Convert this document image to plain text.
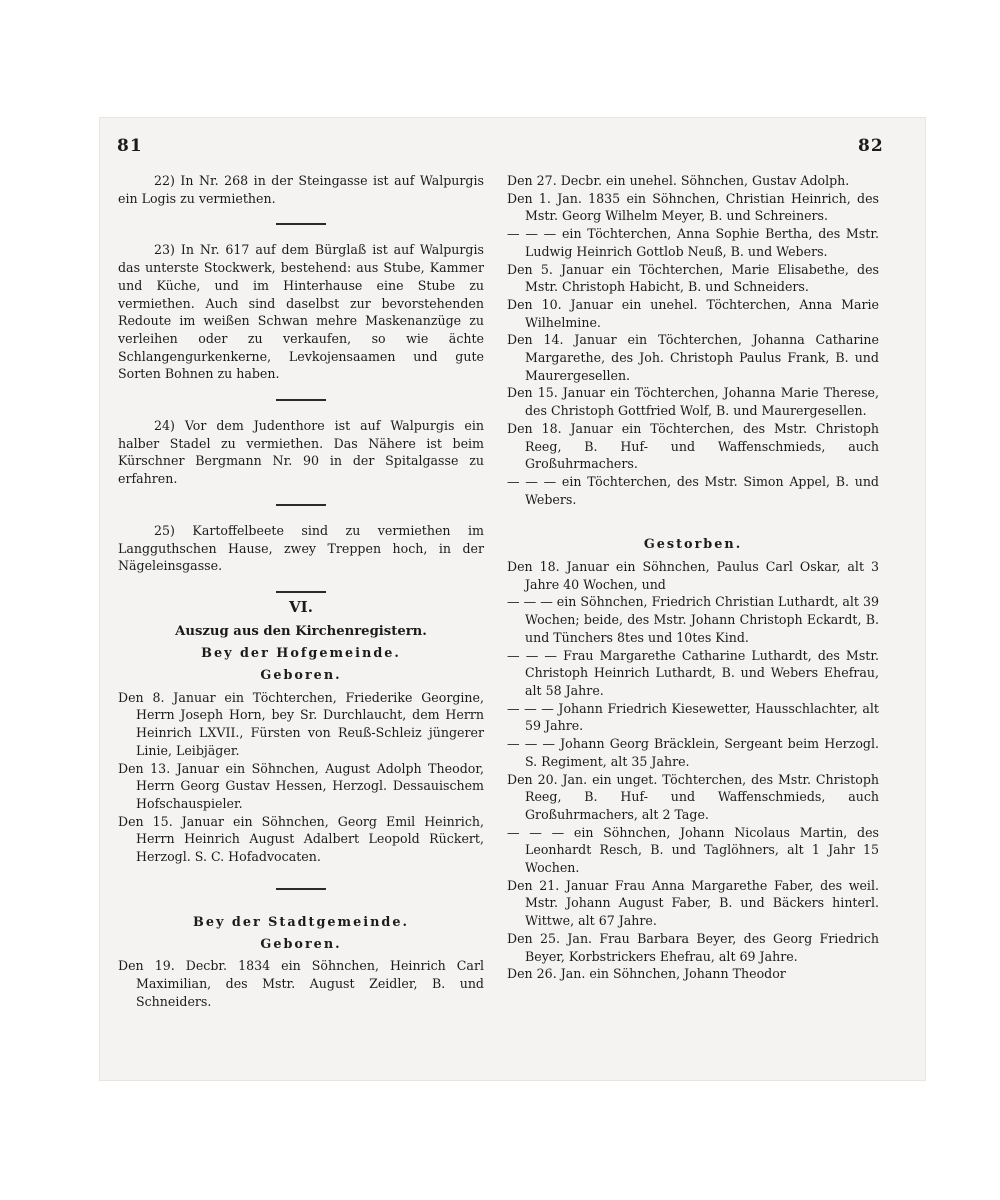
81	82

22) In Nr. 268 in der Steingasse ist auf Walpurgis ein Logis zu vermiethen.

23) In Nr. 617 auf dem Bürglaß ist auf Walpurgis das unterste Stockwerk, bestehend: aus Stube, Kammer und Küche, und im Hinterhause eine Stube zu vermiethen. Auch sind daselbst zur bevorstehenden Redoute im weißen Schwan mehre Maskenanzüge zu verleihen oder zu verkaufen, so wie ächte Schlangengurkenkerne, Levkojensaamen und gute Sorten Bohnen zu haben.

24) Vor dem Judenthore ist auf Walpurgis ein halber Stadel zu vermiethen. Das Nähere ist beim Kürschner Bergmann Nr. 90 in der Spitalgasse zu erfahren.

25) Kartoffelbeete sind zu vermiethen im Langguthschen Hause, zwey Treppen hoch, in der Nägeleinsgasse.

VI.

Auszug aus den Kirchenregistern.

Bey der Hofgemeinde.

Geboren.

Den 8. Januar ein Töchterchen, Friederike Georgine, Herrn Joseph Horn, bey Sr. Durchlaucht, dem Herrn Heinrich LXVII., Fürsten von Reuß-Schleiz jüngerer Linie, Leibjäger.

Den 13. Januar ein Söhnchen, August Adolph Theodor, Herrn Georg Gustav Hessen, Herzogl. Dessauischem Hofschauspieler.

Den 15. Januar ein Söhnchen, Georg Emil Heinrich, Herrn Heinrich August Adalbert Leopold Rückert, Herzogl. S. C. Hofadvocaten.

Bey der Stadtgemeinde.

Geboren.

Den 19. Decbr. 1834 ein Söhnchen, Heinrich Carl Maximilian, des Mstr. August Zeidler, B. und Schneiders.

Den 27. Decbr. ein unehel. Söhnchen, Gustav Adolph.

Den 1. Jan. 1835 ein Söhnchen, Christian Heinrich, des Mstr. Georg Wilhelm Meyer, B. und Schreiners.

— — — ein Töchterchen, Anna Sophie Bertha, des Mstr. Ludwig Heinrich Gottlob Neuß, B. und Webers.

Den 5. Januar ein Töchterchen, Marie Elisabethe, des Mstr. Christoph Habicht, B. und Schneiders.

Den 10. Januar ein unehel. Töchterchen, Anna Marie Wilhelmine.

Den 14. Januar ein Töchterchen, Johanna Catharine Margarethe, des Joh. Christoph Paulus Frank, B. und Maurergesellen.

Den 15. Januar ein Töchterchen, Johanna Marie Therese, des Christoph Gottfried Wolf, B. und Maurergesellen.

Den 18. Januar ein Töchterchen, des Mstr. Christoph Reeg, B. Huf- und Waffenschmieds, auch Großuhrmachers.

— — — ein Töchterchen, des Mstr. Simon Appel, B. und Webers.

Gestorben.

Den 18. Januar ein Söhnchen, Paulus Carl Oskar, alt 3 Jahre 40 Wochen, und

— — — ein Söhnchen, Friedrich Christian Luthardt, alt 39 Wochen; beide, des Mstr. Johann Christoph Eckardt, B. und Tünchers 8tes und 10tes Kind.

— — — Frau Margarethe Catharine Luthardt, des Mstr. Christoph Heinrich Luthardt, B. und Webers Ehefrau, alt 58 Jahre.

— — — Johann Friedrich Kiesewetter, Hausschlachter, alt 59 Jahre.

— — — Johann Georg Bräcklein, Sergeant beim Herzogl. S. Regiment, alt 35 Jahre.

Den 20. Jan. ein unget. Töchterchen, des Mstr. Christoph Reeg, B. Huf- und Waffenschmieds, auch Großuhrmachers, alt 2 Tage.

— — — ein Söhnchen, Johann Nicolaus Martin, des Leonhardt Resch, B. und Taglöhners, alt 1 Jahr 15 Wochen.

Den 21. Januar Frau Anna Margarethe Faber, des weil. Mstr. Johann August Faber, B. und Bäckers hinterl. Wittwe, alt 67 Jahre.

Den 25. Jan. Frau Barbara Beyer, des Georg Friedrich Beyer, Korbstrickers Ehefrau, alt 69 Jahre.

Den 26. Jan. ein Söhnchen, Johann Theodor
